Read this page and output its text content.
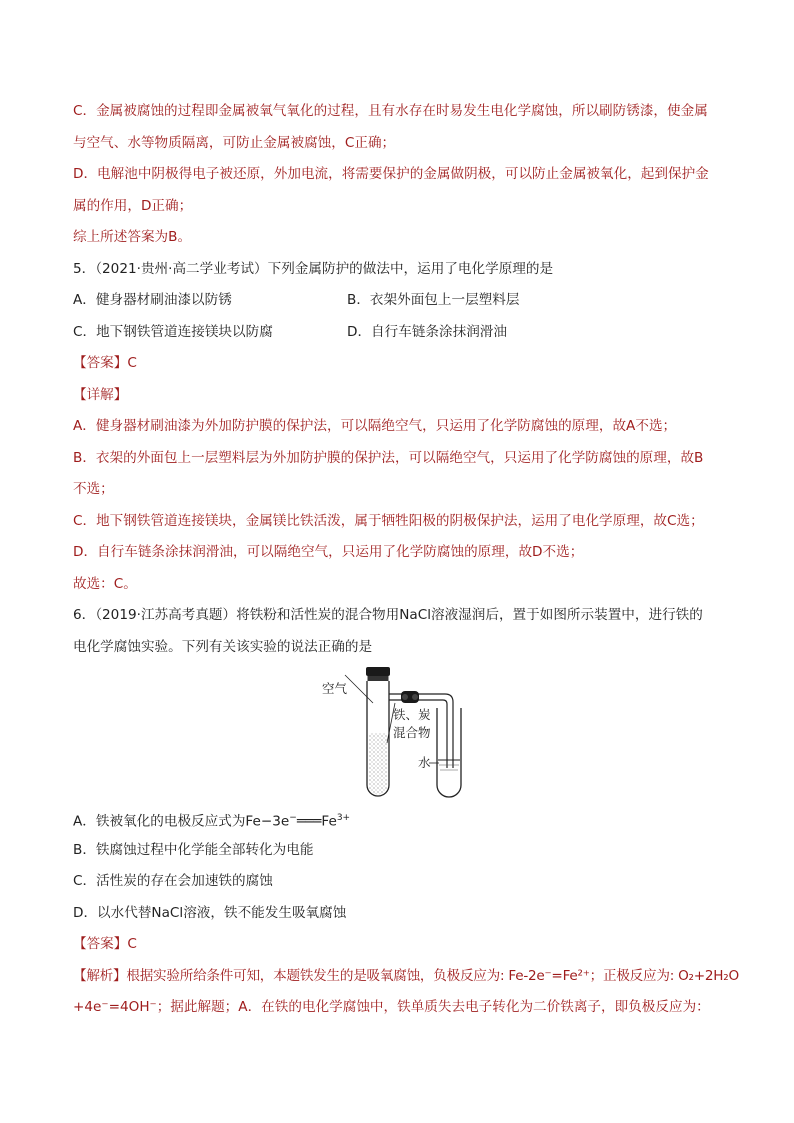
C．金属被腐蚀的过程即金属被氧气氧化的过程，且有水存在时易发生电化学腐蚀，所以刷防锈漆，使金属
与空气、水等物质隔离，可防止金属被腐蚀，C正确；
D．电解池中阴极得电子被还原，外加电流，将需要保护的金属做阴极，可以防止金属被氧化，起到保护金
属的作用，D正确；
综上所述答案为B。
5．（2021·贵州·高二学业考试）下列金属防护的做法中，运用了电化学原理的是
A．健身器材刷油漆以防锈	B．衣架外面包上一层塑料层
C．地下钢铁管道连接镁块以防腐	D．自行车链条涂抹润滑油
【答案】C
【详解】
A．健身器材刷油漆为外加防护膜的保护法，可以隔绝空气，只运用了化学防腐蚀的原理，故A不选；
B．衣架的外面包上一层塑料层为外加防护膜的保护法，可以隔绝空气，只运用了化学防腐蚀的原理，故B
不选；
C．地下钢铁管道连接镁块，金属镁比铁活泼，属于牺牲阳极的阴极保护法，运用了电化学原理，故C选；
D．自行车链条涂抹润滑油，可以隔绝空气，只运用了化学防腐蚀的原理，故D不选；
故选：C。
6．（2019·江苏高考真题）将铁粉和活性炭的混合物用NaCl溶液湿润后，置于如图所示装置中，进行铁的
电化学腐蚀实验。下列有关该实验的说法正确的是
空气
铁、炭
混合物
水
A．铁被氧化的电极反应式为$Fe-3e^-═══Fe^{3+}$
B．铁腐蚀过程中化学能全部转化为电能
C．活性炭的存在会加速铁的腐蚀
D．以水代替NaCl溶液，铁不能发生吸氧腐蚀
【答案】C
【解析】根据实验所给条件可知，本题铁发生的是吸氧腐蚀，负极反应为: Fe-2e⁻=Fe²⁺；正极反应为: O₂+2H₂O
+4e⁻=4OH⁻；据此解题；A．在铁的电化学腐蚀中，铁单质失去电子转化为二价铁离子，即负极反应为：
